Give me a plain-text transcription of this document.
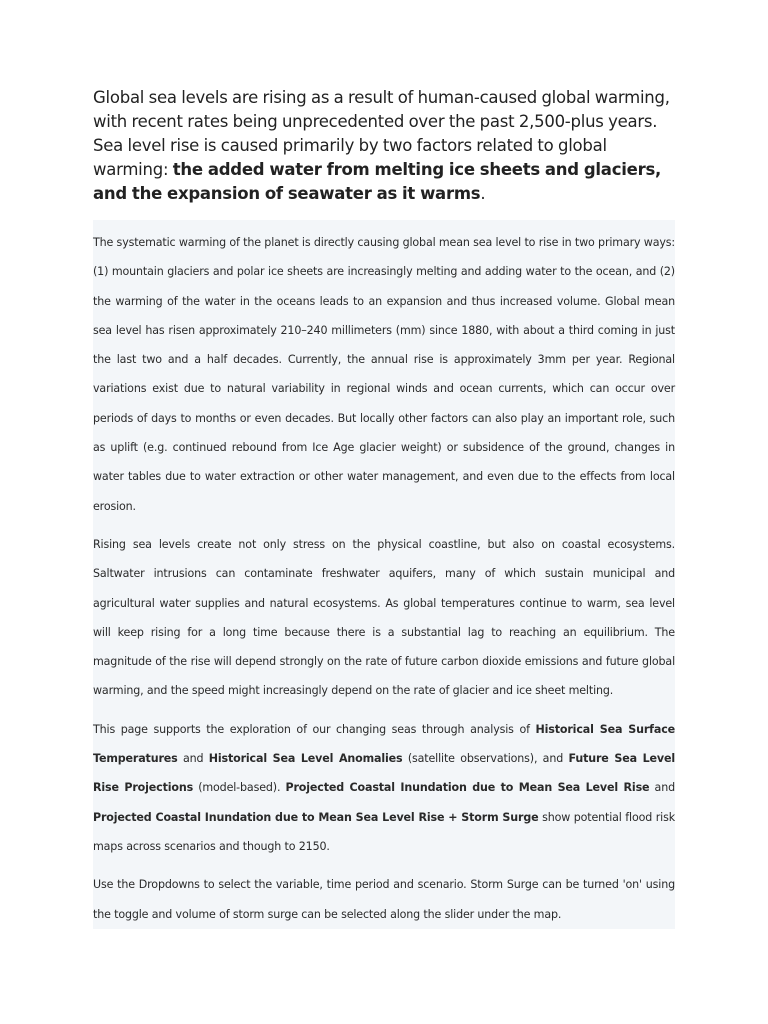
Global sea levels are rising as a result of human-caused global warming, with recent rates being unprecedented over the past 2,500-plus years. Sea level rise is caused primarily by two factors related to global warming: the added water from melting ice sheets and glaciers, and the expansion of seawater as it warms.

The systematic warming of the planet is directly causing global mean sea level to rise in two primary ways: (1) mountain glaciers and polar ice sheets are increasingly melting and adding water to the ocean, and (2) the warming of the water in the oceans leads to an expansion and thus increased volume. Global mean sea level has risen approximately 210–240 millimeters (mm) since 1880, with about a third coming in just the last two and a half decades. Currently, the annual rise is approximately 3mm per year. Regional variations exist due to natural variability in regional winds and ocean currents, which can occur over periods of days to months or even decades. But locally other factors can also play an important role, such as uplift (e.g. continued rebound from Ice Age glacier weight) or subsidence of the ground, changes in water tables due to water extraction or other water management, and even due to the effects from local erosion.

Rising sea levels create not only stress on the physical coastline, but also on coastal ecosystems. Saltwater intrusions can contaminate freshwater aquifers, many of which sustain municipal and agricultural water supplies and natural ecosystems. As global temperatures continue to warm, sea level will keep rising for a long time because there is a substantial lag to reaching an equilibrium. The magnitude of the rise will depend strongly on the rate of future carbon dioxide emissions and future global warming, and the speed might increasingly depend on the rate of glacier and ice sheet melting.

This page supports the exploration of our changing seas through analysis of Historical Sea Surface Temperatures and Historical Sea Level Anomalies (satellite observations), and Future Sea Level Rise Projections (model-based). Projected Coastal Inundation due to Mean Sea Level Rise and Projected Coastal Inundation due to Mean Sea Level Rise + Storm Surge show potential flood risk maps across scenarios and though to 2150.

Use the Dropdowns to select the variable, time period and scenario. Storm Surge can be turned 'on' using the toggle and volume of storm surge can be selected along the slider under the map.
